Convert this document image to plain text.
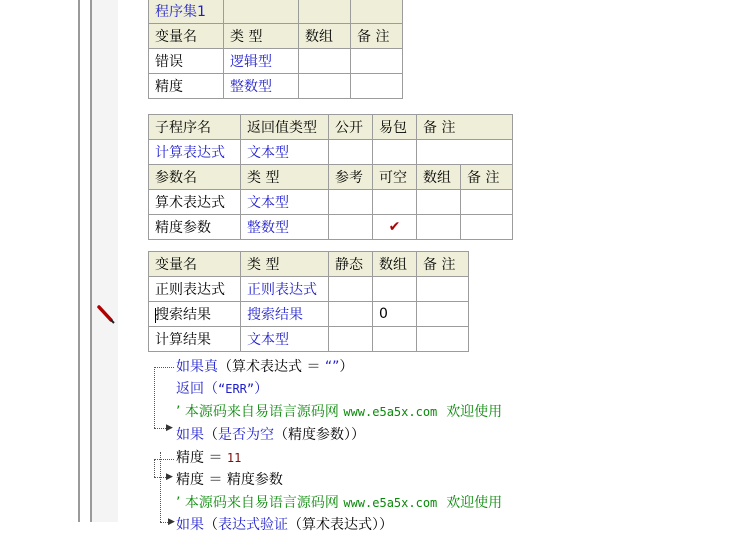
程序集1			
变量名	类 型	数组	备 注
错误	逻辑型		
精度	整数型		
子程序名	返回值类型	公开	易包	备 注	
计算表达式	文本型				
参数名	类 型	参考	可空	数组	备 注
算术表达式	文本型				
精度参数	整数型		✔		
变量名	类 型	静态	数组	备 注
正则表达式	正则表达式			
搜索结果	搜索结果		0	
计算结果	文本型			
▶
▶
▶
如果真（算术表达式 ＝ “”）
返回（“ERR”）
’ 本源码来自易语言源码网 www.e5a5x.com 欢迎使用
如果（是否为空（精度参数））
精度 ＝ 11
精度 ＝ 精度参数
’ 本源码来自易语言源码网 www.e5a5x.com 欢迎使用
如果（表达式验证（算术表达式））
